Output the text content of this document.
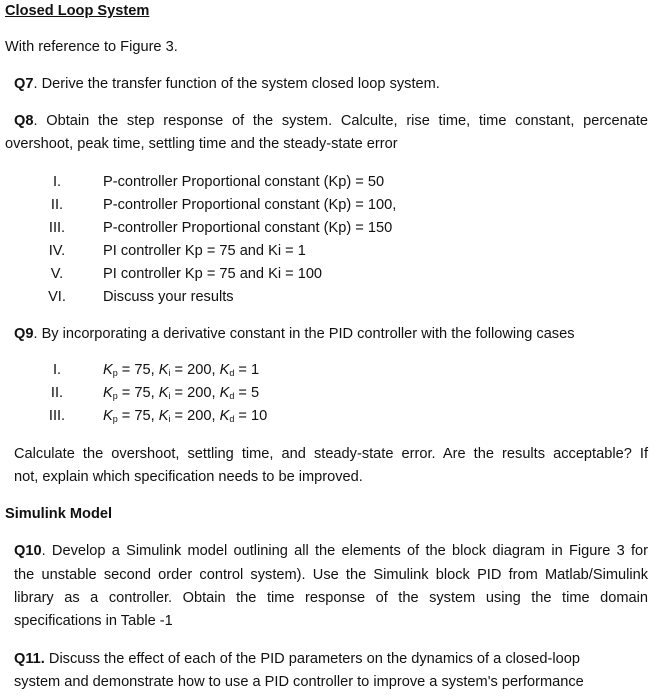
Closed Loop System
With reference to Figure 3.
Q7. Derive the transfer function of the system closed loop system.
Q8. Obtain the step response of the system. Calculte, rise time, time constant, percenate
overshoot, peak time, settling time and the steady-state error
I.	P-controller Proportional constant (Kp) = 50
II.	P-controller Proportional constant (Kp) = 100,
III.	P-controller Proportional constant (Kp) = 150
IV.	PI controller Kp = 75 and Ki = 1
V.	PI controller Kp = 75 and Ki = 100
VI.	Discuss your results
Q9. By incorporating a derivative constant in the PID controller with the following cases
I.	$K_p = 75$, $K_i = 200$, $K_d = 1$
II.	$K_p = 75$, $K_i = 200$, $K_d = 5$
III.	$K_p = 75$, $K_i = 200$, $K_d = 10$
Calculate the overshoot, settling time, and steady-state error. Are the results acceptable? If
not, explain which specification needs to be improved.
Simulink Model
Q10. Develop a Simulink model outlining all the elements of the block diagram in Figure 3 for
the unstable second order control system). Use the Simulink block PID from Matlab/Simulink
library as a controller. Obtain the time response of the system using the time domain
specifications in Table -1
Q11. Discuss the effect of each of the PID parameters on the dynamics of a closed-loop
system and demonstrate how to use a PID controller to improve a system's performance
